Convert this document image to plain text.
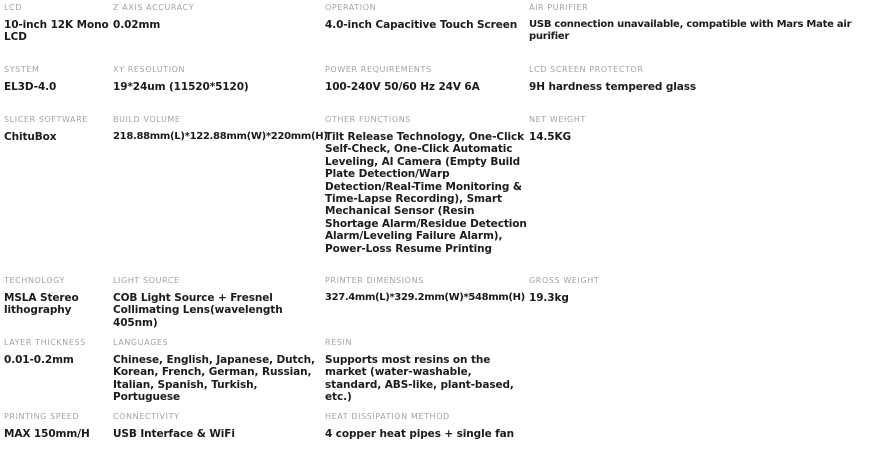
LCD
10-inch 12K Mono LCD
Z AXIS ACCURACY
0.02mm
OPERATION
4.0-inch Capacitive Touch Screen
AIR PURIFIER
USB connection unavailable, compatible with Mars Mate air purifier
SYSTEM
EL3D-4.0
XY RESOLUTION
19*24um (11520*5120)
POWER REQUIREMENTS
100-240V 50/60 Hz 24V 6A
LCD SCREEN PROTECTOR
9H hardness tempered glass
SLICER SOFTWARE
ChituBox
BUILD VOLUME
218.88mm(L)*122.88mm(W)*220mm(H)
OTHER FUNCTIONS
Tilt Release Technology, One-Click Self-Check, One-Click Automatic Leveling, AI Camera (Empty Build Plate Detection/Warp Detection/Real-Time Monitoring & Time-Lapse Recording), Smart Mechanical Sensor (Resin Shortage Alarm/Residue Detection Alarm/Leveling Failure Alarm), Power-Loss Resume Printing
NET WEIGHT
14.5KG
TECHNOLOGY
MSLA Stereo lithography
LIGHT SOURCE
COB Light Source + Fresnel Collimating Lens(wavelength 405nm)
PRINTER DIMENSIONS
327.4mm(L)*329.2mm(W)*548mm(H)
GROSS WEIGHT
19.3kg
LAYER THICKNESS
0.01-0.2mm
LANGUAGES
Chinese, English, Japanese, Dutch, Korean, French, German, Russian, Italian, Spanish, Turkish, Portuguese
RESIN
Supports most resins on the market (water-washable, standard, ABS-like, plant-based, etc.)
PRINTING SPEED
MAX 150mm/H
CONNECTIVITY
USB Interface & WiFi
HEAT DISSIPATION METHOD
4 copper heat pipes + single fan
